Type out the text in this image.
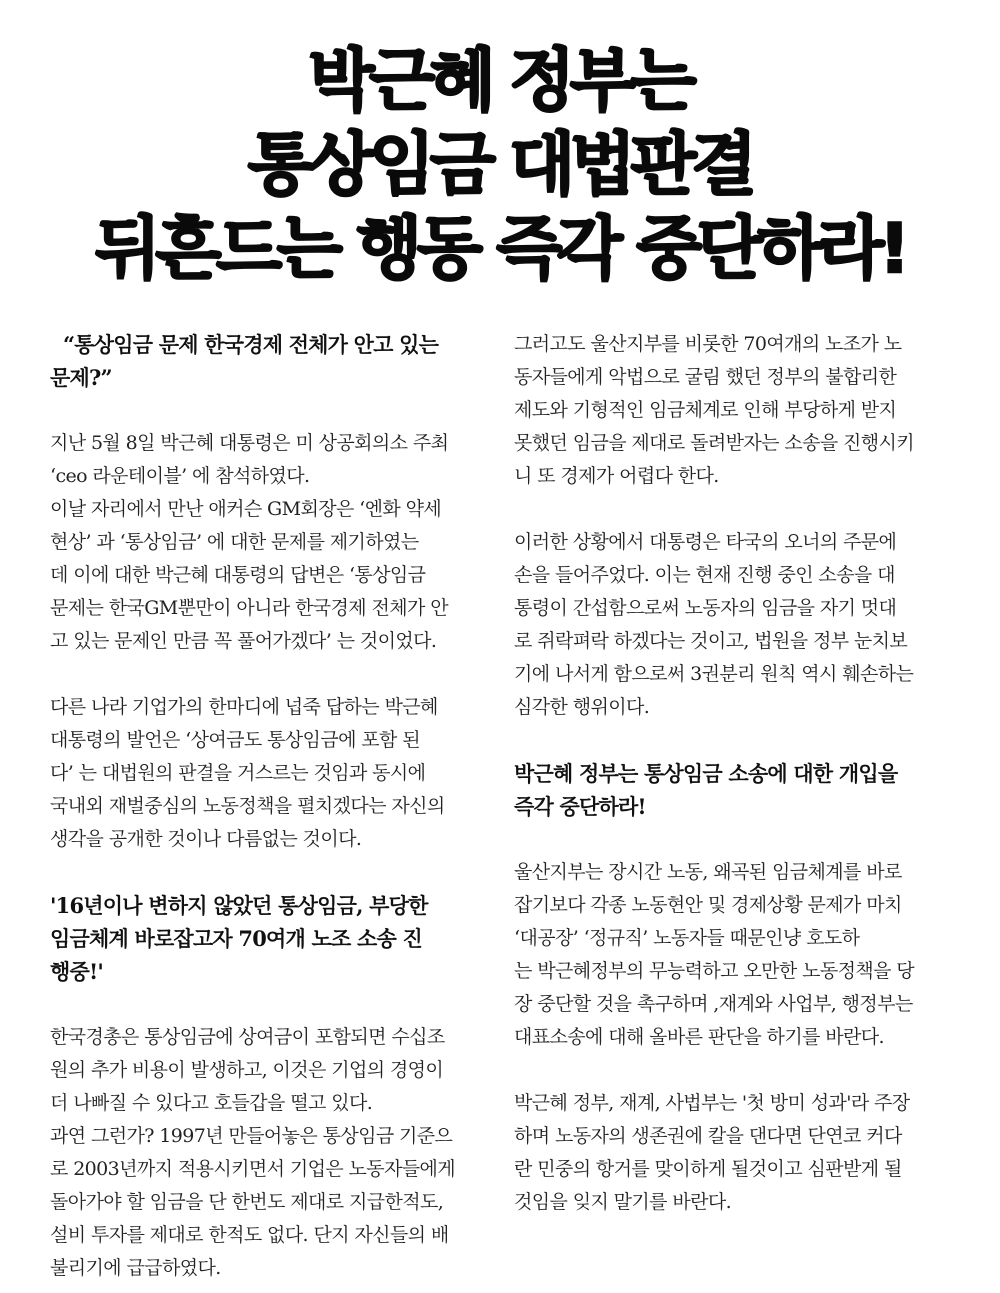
박근혜 정부는
통상임금 대법판결
뒤흔드는 행동 즉각 중단하라!
“통상임금 문제 한국경제 전체가 안고 있는
문제?”
지난 5월 8일 박근혜 대통령은 미 상공회의소 주최
‘ceo 라운테이블’ 에 참석하였다.
이날 자리에서 만난 애커슨 GM회장은 ‘엔화 약세
현상’ 과 ‘통상임금’ 에 대한 문제를 제기하였는
데 이에 대한 박근혜 대통령의 답변은 ‘통상임금
문제는 한국GM뿐만이 아니라 한국경제 전체가 안
고 있는 문제인 만큼 꼭 풀어가겠다’ 는 것이었다.
다른 나라 기업가의 한마디에 넙죽 답하는 박근혜
대통령의 발언은 ‘상여금도 통상임금에 포함 된
다’ 는 대법원의 판결을 거스르는 것임과 동시에
국내외 재벌중심의 노동정책을 펼치겠다는 자신의
생각을 공개한 것이나 다름없는 것이다.
'16년이나 변하지 않았던 통상임금, 부당한
임금체계 바로잡고자 70여개 노조 소송 진
행중!'
한국경총은 통상임금에 상여금이 포함되면 수십조
원의 추가 비용이 발생하고, 이것은 기업의 경영이
더 나빠질 수 있다고 호들갑을 떨고 있다.
과연 그런가? 1997년 만들어놓은 통상임금 기준으
로 2003년까지 적용시키면서 기업은 노동자들에게
돌아가야 할 임금을 단 한번도 제대로 지급한적도,
설비 투자를 제대로 한적도 없다. 단지 자신들의 배
불리기에 급급하였다.
그러고도 울산지부를 비롯한 70여개의 노조가 노
동자들에게 악법으로 굴림 했던 정부의 불합리한
제도와 기형적인 임금체계로 인해 부당하게 받지
못했던 임금을 제대로 돌려받자는 소송을 진행시키
니 또 경제가 어렵다 한다.
이러한 상황에서 대통령은 타국의 오너의 주문에
손을 들어주었다. 이는 현재 진행 중인 소송을 대
통령이 간섭함으로써 노동자의 임금을 자기 멋대
로 쥐락펴락 하겠다는 것이고, 법원을 정부 눈치보
기에 나서게 함으로써 3권분리 원칙 역시 훼손하는
심각한 행위이다.
박근혜 정부는 통상임금 소송에 대한 개입을
즉각 중단하라!
울산지부는 장시간 노동, 왜곡된 임금체계를 바로
잡기보다 각종 노동현안 및 경제상황 문제가 마치
‘대공장’ ‘정규직’ 노동자들 때문인냥 호도하
는 박근혜정부의 무능력하고 오만한 노동정책을 당
장 중단할 것을 촉구하며 ,재계와 사업부, 행정부는
대표소송에 대해 올바른 판단을 하기를 바란다.
박근혜 정부, 재계, 사법부는 '첫 방미 성과'라 주장
하며 노동자의 생존권에 칼을 댄다면 단연코 커다
란 민중의 항거를 맞이하게 될것이고 심판받게 될
것임을 잊지 말기를 바란다.
